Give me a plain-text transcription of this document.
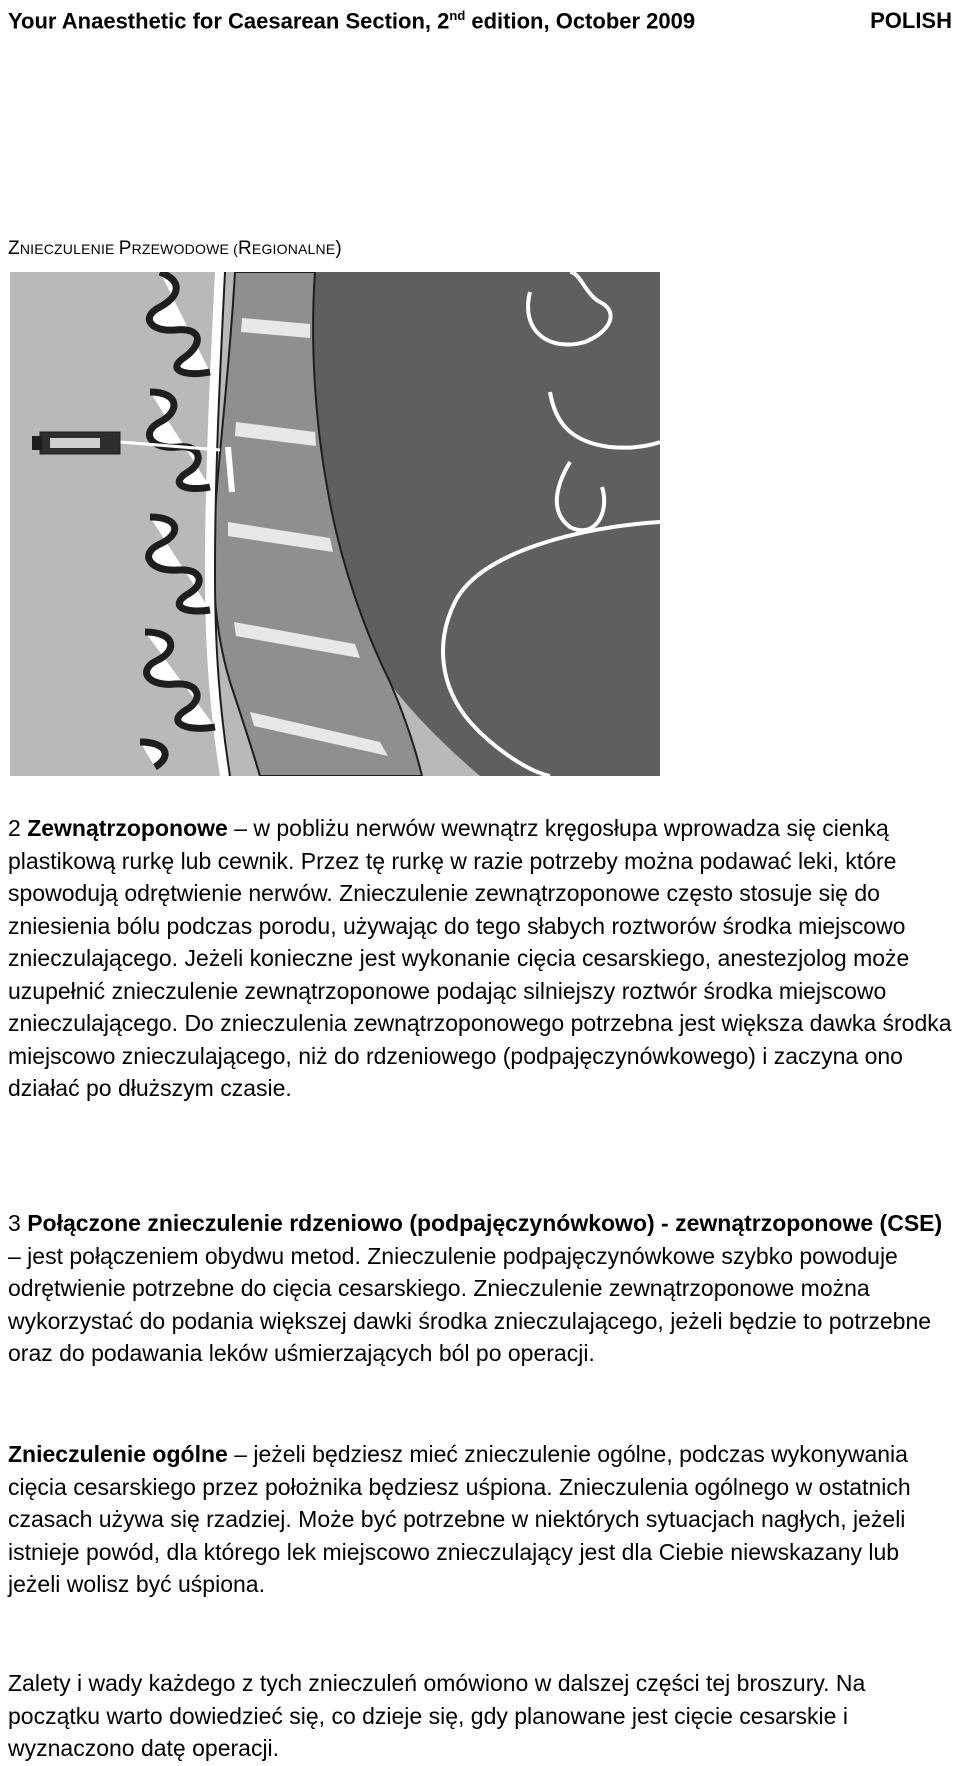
Your Anaesthetic for Caesarean Section, 2nd edition, October 2009	POLISH
ZNIECZULENIE PRZEWODOWE (REGIONALNE)

2 Zewnątrzoponowe – w pobliżu nerwów wewnątrz kręgosłupa wprowadza się cienką plastikową rurkę lub cewnik. Przez tę rurkę w razie potrzeby można podawać leki, które spowodują odrętwienie nerwów. Znieczulenie zewnątrzoponowe często stosuje się do zniesienia bólu podczas porodu, używając do tego słabych roztworów środka miejscowo znieczulającego. Jeżeli konieczne jest wykonanie cięcia cesarskiego, anestezjolog może uzupełnić znieczulenie zewnątrzoponowe podając silniejszy roztwór środka miejscowo znieczulającego. Do znieczulenia zewnątrzoponowego potrzebna jest większa dawka środka miejscowo znieczulającego, niż do rdzeniowego (podpajęczynówkowego) i zaczyna ono działać po dłuższym czasie.

3 Połączone znieczulenie rdzeniowo (podpajęczynówkowo) - zewnątrzoponowe (CSE) – jest połączeniem obydwu metod. Znieczulenie podpajęczynówkowe szybko powoduje odrętwienie potrzebne do cięcia cesarskiego. Znieczulenie zewnątrzoponowe można wykorzystać do podania większej dawki środka znieczulającego, jeżeli będzie to potrzebne oraz do podawania leków uśmierzających ból po operacji.

Znieczulenie ogólne – jeżeli będziesz mieć znieczulenie ogólne, podczas wykonywania cięcia cesarskiego przez położnika będziesz uśpiona. Znieczulenia ogólnego w ostatnich czasach używa się rzadziej. Może być potrzebne w niektórych sytuacjach nagłych, jeżeli istnieje powód, dla którego lek miejscowo znieczulający jest dla Ciebie niewskazany lub jeżeli wolisz być uśpiona.

Zalety i wady każdego z tych znieczuleń omówiono w dalszej części tej broszury. Na początku warto dowiedzieć się, co dzieje się, gdy planowane jest cięcie cesarskie i wyznaczono datę operacji.
